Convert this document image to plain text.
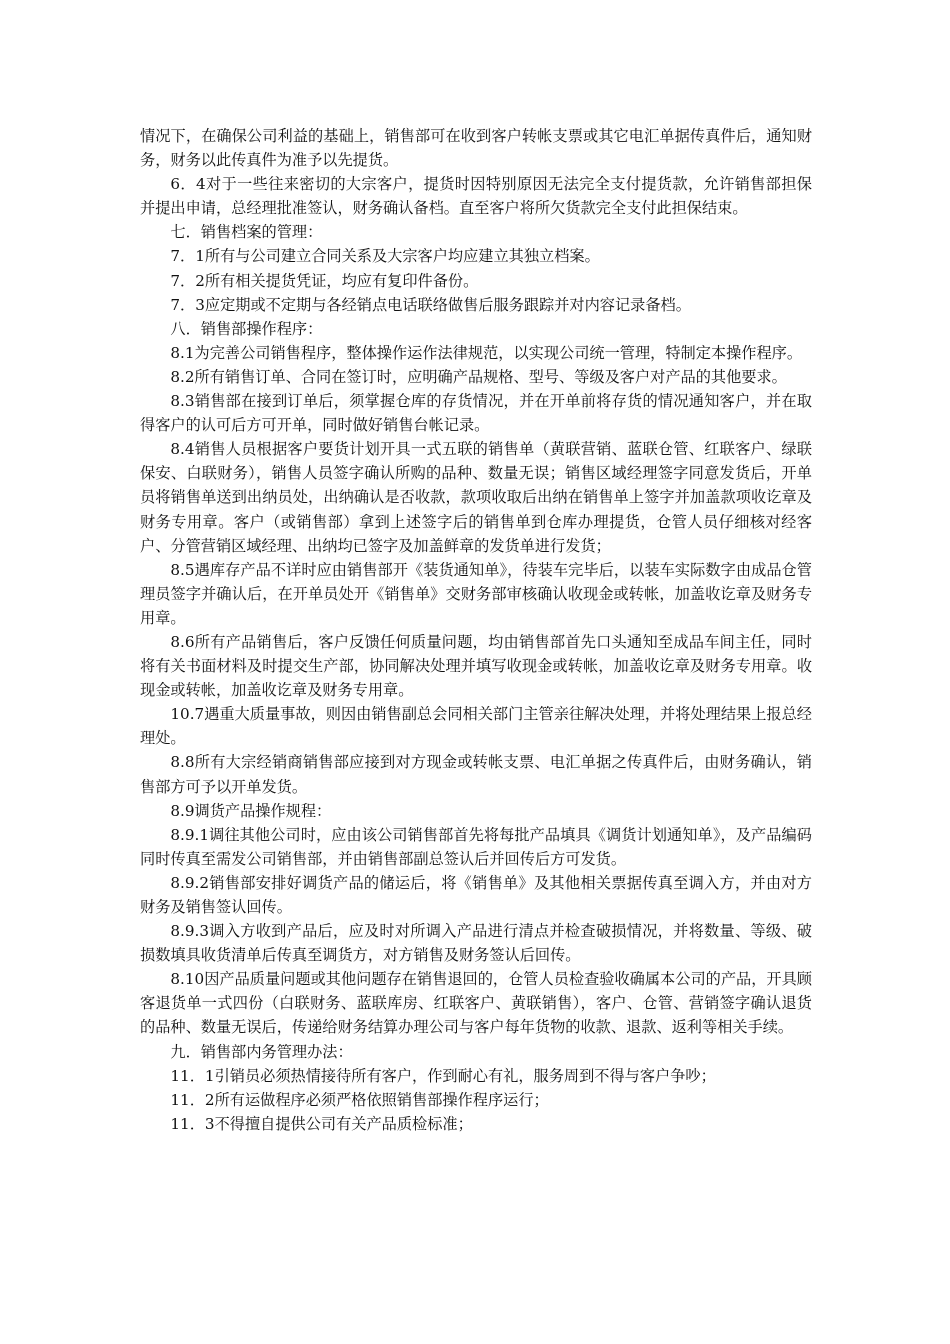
情况下，在确保公司利益的基础上，销售部可在收到客户转帐支票或其它电汇单据传真件后，通知财务，财务以此传真件为准予以先提货。

6．4对于一些往来密切的大宗客户，提货时因特别原因无法完全支付提货款，允许销售部担保并提出申请，总经理批准签认，财务确认备档。直至客户将所欠货款完全支付此担保结束。

七．销售档案的管理：

7．1所有与公司建立合同关系及大宗客户均应建立其独立档案。

7．2所有相关提货凭证，均应有复印件备份。

7．3应定期或不定期与各经销点电话联络做售后服务跟踪并对内容记录备档。

八．销售部操作程序：

8.1为完善公司销售程序，整体操作运作法律规范，以实现公司统一管理，特制定本操作程序。

8.2所有销售订单、合同在签订时，应明确产品规格、型号、等级及客户对产品的其他要求。

8.3销售部在接到订单后，须掌握仓库的存货情况，并在开单前将存货的情况通知客户，并在取得客户的认可后方可开单，同时做好销售台帐记录。

8.4销售人员根据客户要货计划开具一式五联的销售单（黄联营销、蓝联仓管、红联客户、绿联保安、白联财务），销售人员签字确认所购的品种、数量无误；销售区域经理签字同意发货后，开单员将销售单送到出纳员处，出纳确认是否收款，款项收取后出纳在销售单上签字并加盖款项收讫章及财务专用章。客户（或销售部）拿到上述签字后的销售单到仓库办理提货，仓管人员仔细核对经客户、分管营销区域经理、出纳均已签字及加盖鲜章的发货单进行发货；

8.5遇库存产品不详时应由销售部开《装货通知单》，待装车完毕后，以装车实际数字由成品仓管理员签字并确认后，在开单员处开《销售单》交财务部审核确认收现金或转帐，加盖收讫章及财务专用章。

8.6所有产品销售后，客户反馈任何质量问题，均由销售部首先口头通知至成品车间主任，同时将有关书面材料及时提交生产部，协同解决处理并填写收现金或转帐，加盖收讫章及财务专用章。收现金或转帐，加盖收讫章及财务专用章。

10.7遇重大质量事故，则因由销售副总会同相关部门主管亲往解决处理，并将处理结果上报总经理处。

8.8所有大宗经销商销售部应接到对方现金或转帐支票、电汇单据之传真件后，由财务确认，销售部方可予以开单发货。

8.9调货产品操作规程：

8.9.1调往其他公司时，应由该公司销售部首先将每批产品填具《调货计划通知单》，及产品编码同时传真至需发公司销售部，并由销售部副总签认后并回传后方可发货。

8.9.2销售部安排好调货产品的储运后，将《销售单》及其他相关票据传真至调入方，并由对方财务及销售签认回传。

8.9.3调入方收到产品后，应及时对所调入产品进行清点并检查破损情况，并将数量、等级、破损数填具收货清单后传真至调货方，对方销售及财务签认后回传。

8.10因产品质量问题或其他问题存在销售退回的，仓管人员检查验收确属本公司的产品，开具顾客退货单一式四份（白联财务、蓝联库房、红联客户、黄联销售），客户、仓管、营销签字确认退货的品种、数量无误后，传递给财务结算办理公司与客户每年货物的收款、退款、返利等相关手续。

九．销售部内务管理办法：

11．1引销员必须热情接待所有客户，作到耐心有礼，服务周到不得与客户争吵；

11．2所有运做程序必须严格依照销售部操作程序运行；

11．3不得擅自提供公司有关产品质检标准；
